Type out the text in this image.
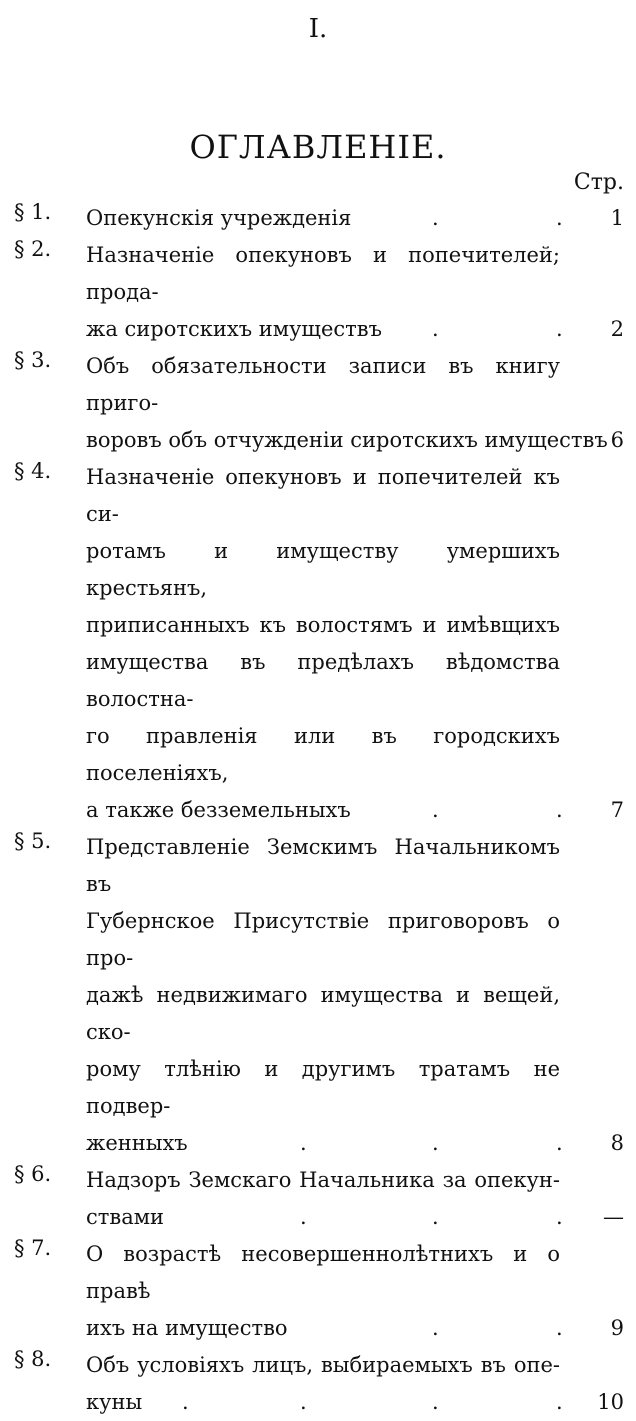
I.
ОГЛАВЛЕНІЕ.
Стр.
§ 1. Опекунскія учрежденія	.	.	1
§ 2. Назначеніе опекуновъ и попечителей; прода-
жа сиротскихъ имуществъ .	.	2
§ 3. Объ обязательности записи въ книгу приго-
воровъ объ отчужденіи сиротскихъ имуществъ 6
§ 4. Назначеніе опекуновъ и попечителей къ си-
ротамъ и имуществу умершихъ крестьянъ,
приписанныхъ къ волостямъ и имѣвщихъ
имущества въ предѣлахъ вѣдомства волостна-
го правленія или въ городскихъ поселеніяхъ,
а также безземельныхъ	.	.	7
§ 5. Представленіе Земскимъ Начальникомъ въ
Губернское Присутствіе приговоровъ о про-
дажѣ недвижимаго имущества и вещей, ско-
рому тлѣнію и другимъ тратамъ не подвер-
женныхъ	.	.	.	8
§ 6. Надзоръ Земскаго Начальника за опекун-
ствами	.	.	.	—
§ 7. О возрастѣ несовершеннолѣтнихъ и о правѣ
ихъ на имущество	.	.	9
§ 8. Объ условіяхъ лицъ, выбираемыхъ въ опе-
куны .	.	.	.	10
